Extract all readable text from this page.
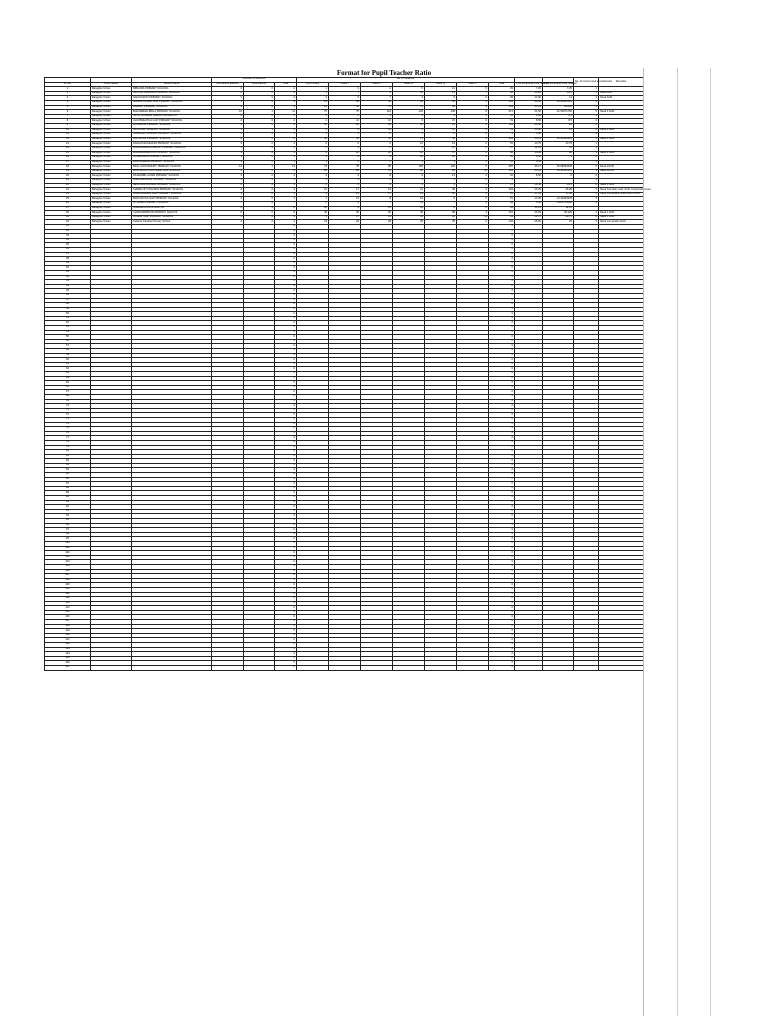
Format for Pupil Teacher Ratio
			Number of teachers			No. of students									No. of rooms used as classroom	Remarks
Sl. No.	Circle Name	School Name	Permanent teacher	Para teacher	Total	Pre-Primary	Class I	Class II	Class III	Class IV	Class V	Total	PTR excluding Para Teacher	PTR excluding Para Teacher		
1	Baragher Urban	BIBHUDA PRIMARY SCHOOL	2	0	2	1	3	2	5	13	5	29	7.25	7.25	1	
2	Baragher Urban	NOUTEL MAHAVIR PRIMARY SCHOOL	2	0	2	1	7	0	10	14	7	42	13.00	10.5	2	Need ACR
3	Baragher Urban	SADASHIUM PRIMARY SCHOOL	3	0	3	2	5	7	4	6	6	28	14.00	14	4	Need ACR
4	Baragher Urban	NANDA KUMAR GGP PRIMARY SCHOOL	3	0	3	25	38	44	26	35	6	162	59.33	35.33333333	4	
5	Baragher Urban	BHARAT PRIMARY SCHOOL	4	0	4	24	42	70	70	94	4	269	33.63	33.625	6	
6	Baragher Urban	BHAJABELE BIRLA PRIMARY SCHOOL	10	1	11	75	75	115	125	158	8	613	21.50	21.52671756	5	Need 2 ACR
7	Baragher Urban	NPNO SUNDAR NAMCO NOSAPITH	2	0	2	2	2	3	3	3	0	11	2.50	2.5	2	
8	Baragher Urban	CHUNIMHATHA GGP PRIMARY SCHOOL	4	0	4	1	11	10	9	15	0	51	8.50	8.5	2	
9	Baragher Urban	GUNDALAI PRIMARY SCHOOL	2	0	2	18	26	18	20	25	0	109	26.50	26	2	
10	Baragher Urban	NAYA GGP PRIMARY SCHOOL	1	1	2	0	2	13	6	10	0	31	15.50	15	2	Need 3 ACR
11	Baragher Urban	SURESHA SUNDAR PRIMARY SCHOOL	1	0	1	1	1	0	1	2	0	5	5.00		1	
12	Baragher Urban	JALISPPAL PRIMARY SCHOOL	8	0	8	40	56	61	75	66	6	304	50.33	45.33333333	4	Need 2 ACR
13	Baragher Urban	DAKHIN BANDHUNI PRIMARY SCHOOL	3	0	3	6	6	6	16	19	0	53	14.75	14.75	1	
14	Baragher Urban	BANAPRABHA PARIJAT PRIMARY SCHOOL	3	0	3	5	3	5	9	15	0	37	11.33	11	1	
15	Baragher Urban	BANABIGIMIDJONI PRIMARY SCHOOL	3	0	3	9	18	20	16	27	0	90	16.00	18	3	Need 1 ACR
16	Baragher Urban	SUSBAJHAN PRIMARY SCHOOL	3	0	3	1	3	3	10	18	0	35	9.00	9	2	
17	Baragher Urban	PANCHABALA PRIMARY SCHOOL	3	0	3	1	2	1	1	1	0	11	3.50		3	
18	Baragher Urban	PAUL CHOUDHURY PRIMARY SCHOOL	12	1	13	74	78	96	105	132	0	487	36.17	35.58333333	6	Need 2ACR
19	Baragher Urban	BASUMONI PRATISHAN GGP SCHOOL	6	0	6	20	20	15	28	26	15	115	19.50	19.33333333	3	Need 2ACR
20	Baragher Urban	RAJ&AMBLI HINDI PRIMARY SCHOOL	4	0	4	4	3	8	6	13	0	34	8.50	8	2	
21	Baragher Urban	BARUMANDANI PRIMARY SCHOOL	1	0	1	1	1	1	1	1	0	2			1	
22	Baragher Urban	NEW AURORANDA PRIMARY SCHOOL	2	0	2	6	2	6	5	4	0	27	13.50	13.5	2	Need 1 ACR
23	Baragher Urban	SHREE NITYANANDA PRIMARY SCHOOL	4	0	4	16	17	19	21	28	2	103	26.25	26.25	3	Need boundary wall, ACR, Composite Grant
24	Baragher Urban	SURKANDHAN GGP PRIMARY SCHOOL	4	0	4	6	12	17	19	20	6	69	17.33	17.25	2	Need Composite Grant and 1 ACR
25	Baragher Urban	PANCHAYAK GGP PRIMARY SCHOOL	3	0	3	1	15	8	19	6	0	51	13.25	12.33333333	3	
26	Baragher Urban	JIT BAMA PRIMARY SCHOOL	7	0	7	5	5	7	11	7	9	44	6.50	6.285714286	4	
27	Baragher Urban	NISHMASTAN NOSAPITH	4	4	8	10	9	13	23	9	0	81	11.25	11.25		
28	Baragher Urban	CHHAYANMIPUR PRIMARY SCHOOL	8	0	8	39	39	60	40	68	3	201	25.63	25.125	2	Need 1 ACR
29	Baragher Urban	KUSHIP GGP PRIMARY SCHOOL	4	0	4	1	17	19	16	22	14	91	22.75	22.75	2	Need 1 ACR
30	Baragher Urban	Jahanar Pandas Primary School	4	0	4	18	29	28	25	25	0	104	26.00	26	3	Need composite Grant
31					0							0				
32					0							0				
33					0							0				
34					0							0				
35					0							0				
36					0							0				
37					0							0				
38					0							0				
39					0							0				
40					0							0				
41					0							0				
42					0							0				
43					0							0				
44					0							0				
45					0							0				
46					0							0				
47					0							0				
48					0							0				
49					0							0				
50					0							0				
51					0							0				
52					0							0				
53					0							0				
54					0							0				
55					0							0				
56					0							0				
57					0							0				
58					0							0				
59					0							0				
60					0							0				
61					0							0				
62					0							0				
63					0							0				
64					0							0				
65					0							0				
66					0							0				
67					0							0				
68					0							0				
69					0							0				
70					0							0				
71					0							0				
72					0							0				
73					0							0				
74					0							0				
75					0							0				
76					0							0				
77					0							0				
78					0							0				
79					0							0				
80					0							0				
81					0							0				
82					0							0				
83					0							0				
84					0							0				
85					0							0				
86					0							0				
87					0							0				
88					0							0				
89					0							0				
90					0							0				
91					0							0				
92					0							0				
93					0							0				
94					0							0				
95					0							0				
96					0							0				
97					0							0				
98					0							0				
99					0							0				
100					0							0				
101					0							0				
102					0							0				
103					0							0				
104					0							0				
105					0							0				
106					0							0				
107					0							0				
108					0							0				
109					0							0				
110					0							0				
111					0							0				
112					0							0				
113					0							0				
114					0							0				
115					0							0				
116					0							0				
117					0							0				
118					0							0				
119					0							0				
120					0							0				
121					0							0				
122					0							0				
123					0							0				
124					0							0				
125					0							0				
126					0							0				
127					0							0				
